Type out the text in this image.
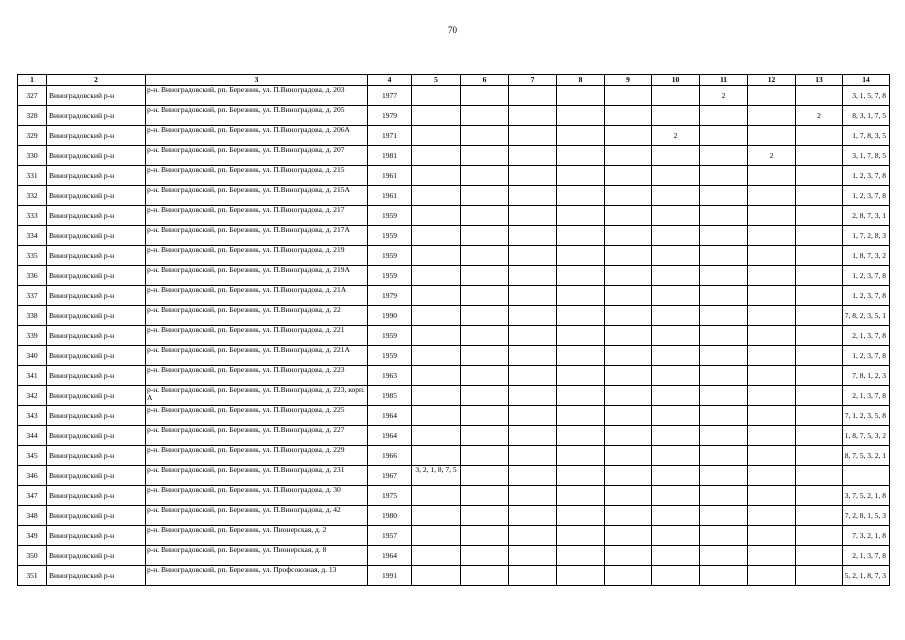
70
1	2	3	4	5	6	7	8	9	10	11	12	13	14
327	Виноградовский р-н	р-н. Виноградовский, рп. Березник, ул. П.Виноградова, д. 203	1977							2			3, 1, 5, 7, 8
328	Виноградовский р-н	р-н. Виноградовский, рп. Березник, ул. П.Виноградова, д. 205	1979									2	8, 3, 1, 7, 5
329	Виноградовский р-н	р-н. Виноградовский, рп. Березник, ул. П.Виноградова, д. 206А	1971						2				1, 7, 8, 3, 5
330	Виноградовский р-н	р-н. Виноградовский, рп. Березник, ул. П.Виноградова, д. 207	1981								2		3, 1, 7, 8, 5
331	Виноградовский р-н	р-н. Виноградовский, рп. Березник, ул. П.Виноградова, д. 215	1961										1, 2, 3, 7, 8
332	Виноградовский р-н	р-н. Виноградовский, рп. Березник, ул. П.Виноградова, д. 215А	1961										1, 2, 3, 7, 8
333	Виноградовский р-н	р-н. Виноградовский, рп. Березник, ул. П.Виноградова, д. 217	1959										2, 8, 7, 3, 1
334	Виноградовский р-н	р-н. Виноградовский, рп. Березник, ул. П.Виноградова, д. 217А	1959										1, 7, 2, 8, 3
335	Виноградовский р-н	р-н. Виноградовский, рп. Березник, ул. П.Виноградова, д. 219	1959										1, 8, 7, 3, 2
336	Виноградовский р-н	р-н. Виноградовский, рп. Березник, ул. П.Виноградова, д. 219А	1959										1, 2, 3, 7, 8
337	Виноградовский р-н	р-н. Виноградовский, рп. Березник, ул. П.Виноградова, д. 21А	1979										1, 2, 3, 7, 8
338	Виноградовский р-н	р-н. Виноградовский, рп. Березник, ул. П.Виноградова, д. 22	1990										7, 8, 2, 3, 5, 1
339	Виноградовский р-н	р-н. Виноградовский, рп. Березник, ул. П.Виноградова, д. 221	1959										2, 1, 3, 7, 8
340	Виноградовский р-н	р-н. Виноградовский, рп. Березник, ул. П.Виноградова, д. 221А	1959										1, 2, 3, 7, 8
341	Виноградовский р-н	р-н. Виноградовский, рп. Березник, ул. П.Виноградова, д. 223	1963										7, 8, 1, 2, 3
342	Виноградовский р-н	р-н. Виноградовский, рп. Березник, ул. П.Виноградова, д. 223, корп. А	1985										2, 1, 3, 7, 8
343	Виноградовский р-н	р-н. Виноградовский, рп. Березник, ул. П.Виноградова, д. 225	1964										7, 1, 2, 3, 5, 8
344	Виноградовский р-н	р-н. Виноградовский, рп. Березник, ул. П.Виноградова, д. 227	1964										1, 8, 7, 5, 3, 2
345	Виноградовский р-н	р-н. Виноградовский, рп. Березник, ул. П.Виноградова, д. 229	1966										8, 7, 5, 3, 2, 1
346	Виноградовский р-н	р-н. Виноградовский, рп. Березник, ул. П.Виноградова, д. 231	1967	3, 2, 1, 8, 7, 5									
347	Виноградовский р-н	р-н. Виноградовский, рп. Березник, ул. П.Виноградова, д. 30	1975										3, 7, 5, 2, 1, 8
348	Виноградовский р-н	р-н. Виноградовский, рп. Березник, ул. П.Виноградова, д. 42	1980										7, 2, 8, 1, 5, 3
349	Виноградовский р-н	р-н. Виноградовский, рп. Березник, ул. Пионерская, д. 2	1957										7, 3, 2, 1, 8
350	Виноградовский р-н	р-н. Виноградовский, рп. Березник, ул. Пионерская, д. 8	1964										2, 1, 3, 7, 8
351	Виноградовский р-н	р-н. Виноградовский, рп. Березник, ул. Профсоюзная, д. 13	1991										5, 2, 1, 8, 7, 3
